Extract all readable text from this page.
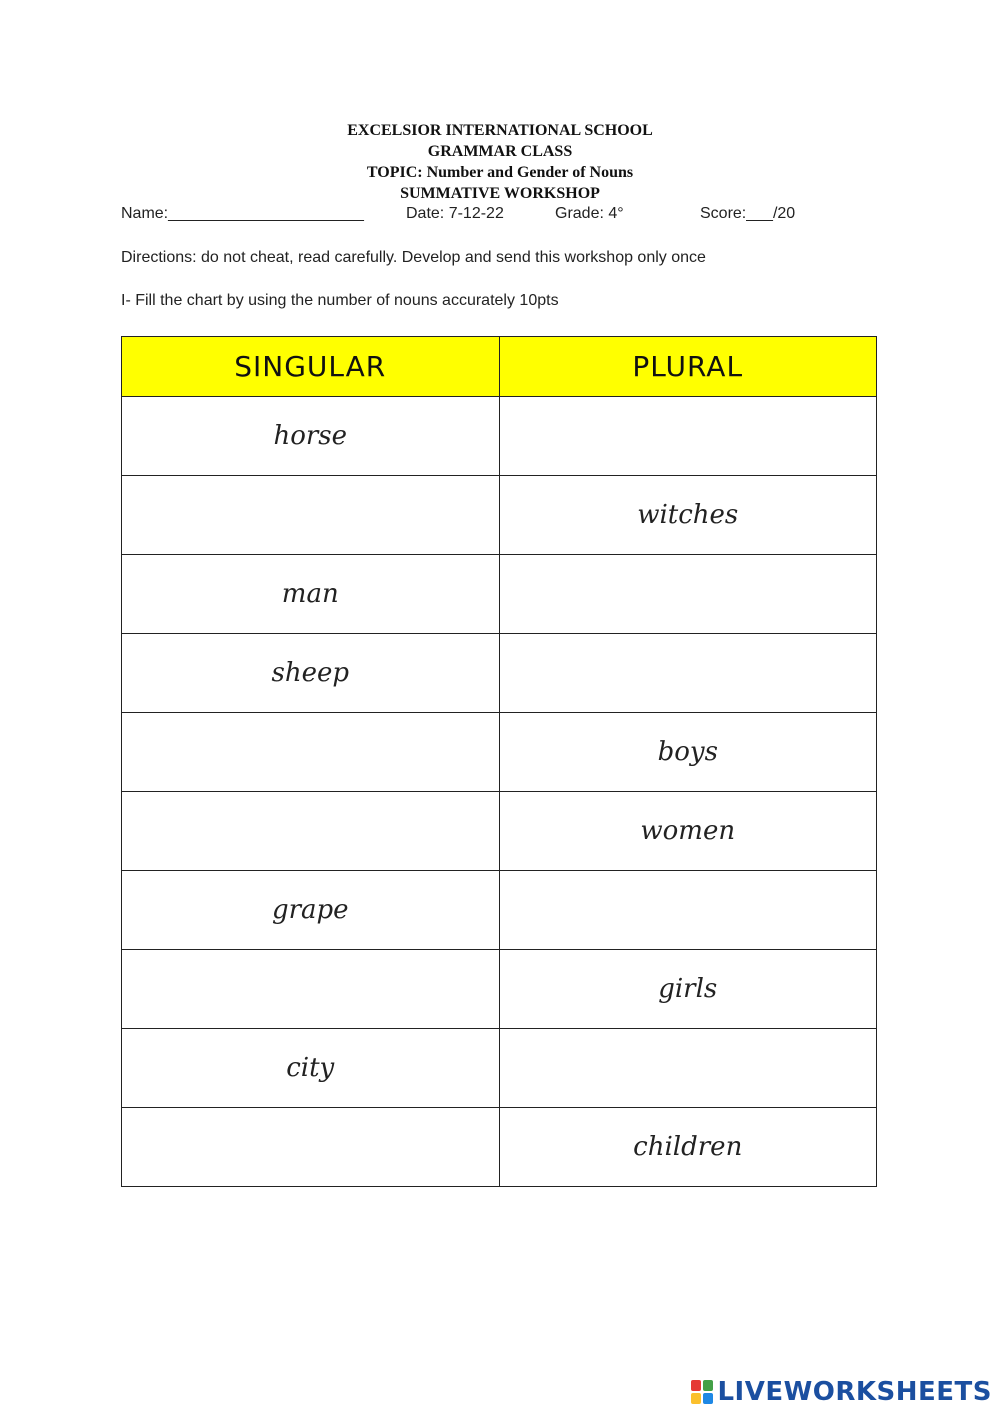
EXCELSIOR INTERNATIONAL SCHOOL
GRAMMAR CLASS
TOPIC: Number and Gender of Nouns
SUMMATIVE WORKSHOP

Name:______________________

	Date: 7-12-22

	Grade: 4°

	Score:___/20

Directions: do not cheat, read carefully. Develop and send this workshop only once
I- Fill the chart by using the number of nouns accurately 10pts
SINGULAR	PLURAL
horse	
	witches
man	
sheep	
	boys
	women
grape	
	girls
city	
	children
LIVEWORKSHEETS
